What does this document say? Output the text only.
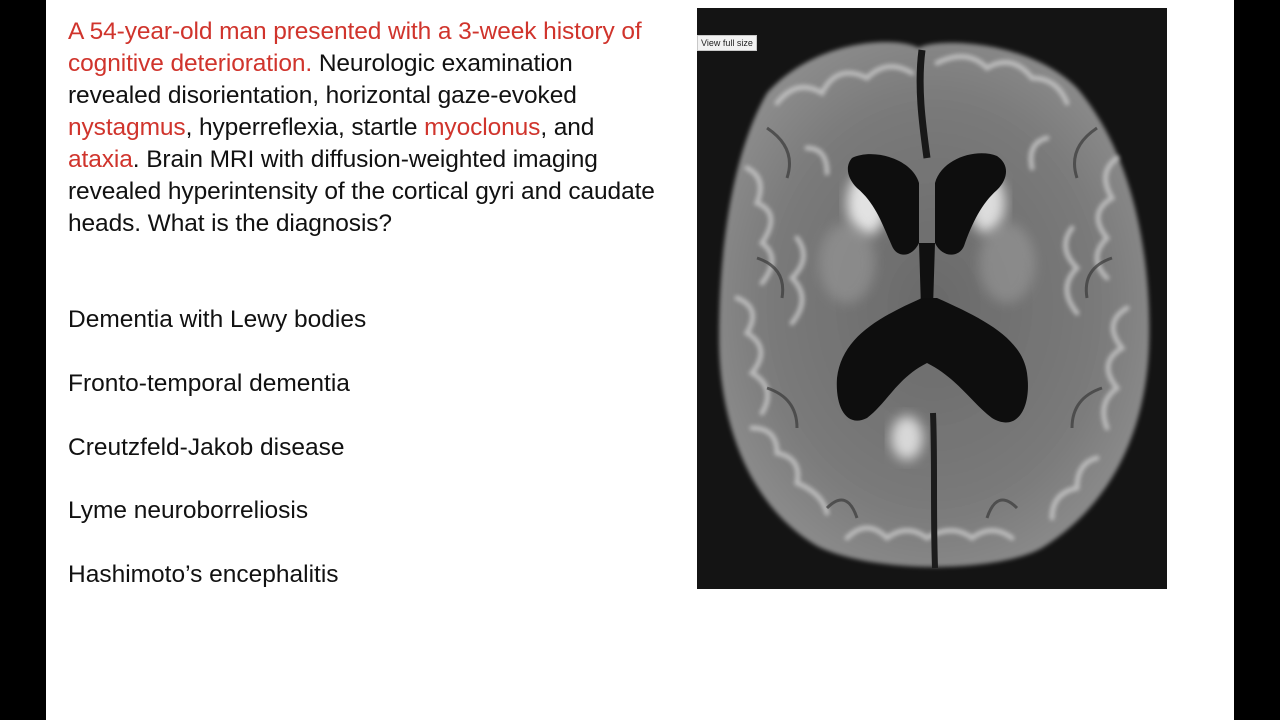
A 54-year-old man presented with a 3-week history of cognitive deterioration. Neurologic examination revealed disorientation, horizontal gaze-evoked nystagmus, hyperreflexia, startle myoclonus, and ataxia. Brain MRI with diffusion-weighted imaging revealed hyperintensity of the cortical gyri and caudate heads. What is the diagnosis?

Dementia with Lewy bodies
Fronto-temporal dementia
Creutzfeld-Jakob disease
Lyme neuroborreliosis
Hashimoto’s encephalitis
View full size
